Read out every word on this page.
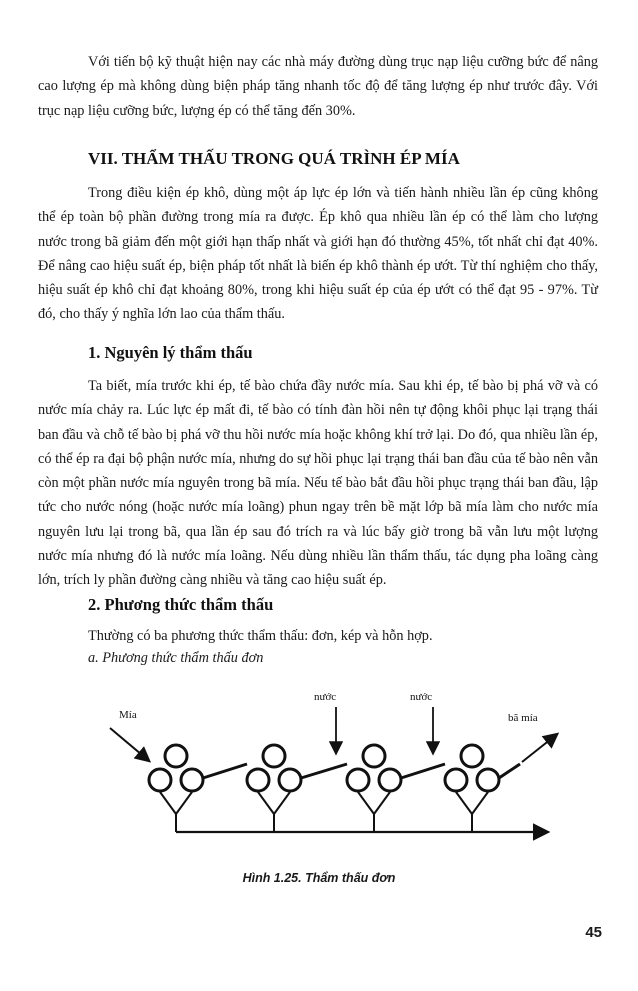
Với tiến bộ kỹ thuật hiện nay các nhà máy đường dùng trục nạp liệu cưỡng bức để nâng cao lượng ép mà không dùng biện pháp tăng nhanh tốc độ để tăng lượng ép như trước đây. Với trục nạp liệu cưỡng bức, lượng ép có thể tăng đến 30%.

VII. THẨM THẤU TRONG QUÁ TRÌNH ÉP MÍA

Trong điều kiện ép khô, dùng một áp lực ép lớn và tiến hành nhiều lần ép cũng không thể ép toàn bộ phần đường trong mía ra được. Ép khô qua nhiều lần ép có thể làm cho lượng nước trong bã giảm đến một giới hạn thấp nhất và giới hạn đó thường 45%, tốt nhất chỉ đạt 40%. Để nâng cao hiệu suất ép, biện pháp tốt nhất là biến ép khô thành ép ướt. Từ thí nghiệm cho thấy, hiệu suất ép khô chỉ đạt khoảng 80%, trong khi hiệu suất ép của ép ướt có thể đạt 95 - 97%. Từ đó, cho thấy ý nghĩa lớn lao của thẩm thấu.

1. Nguyên lý thẩm thấu

Ta biết, mía trước khi ép, tế bào chứa đầy nước mía. Sau khi ép, tế bào bị phá vỡ và có nước mía chảy ra. Lúc lực ép mất đi, tế bào có tính đàn hồi nên tự động khôi phục lại trạng thái ban đầu và chỗ tế bào bị phá vỡ thu hồi nước mía hoặc không khí trở lại. Do đó, qua nhiều lần ép, có thể ép ra đại bộ phận nước mía, nhưng do sự hồi phục lại trạng thái ban đầu của tế bào nên vẫn còn một phần nước mía nguyên trong bã mía. Nếu tế bào bắt đầu hồi phục trạng thái ban đầu, lập tức cho nước nóng (hoặc nước mía loãng) phun ngay trên bề mặt lớp bã mía làm cho nước mía nguyên lưu lại trong bã, qua lần ép sau đó trích ra và lúc bấy giờ trong bã vẫn lưu một lượng nước mía nhưng đó là nước mía loãng. Nếu dùng nhiều lần thẩm thấu, tác dụng pha loãng càng lớn, trích ly phần đường càng nhiều và tăng cao hiệu suất ép.

2. Phương thức thẩm thấu

Thường có ba phương thức thẩm thấu: đơn, kép và hỗn hợp.

a. Phương thức thẩm thấu đơn

Mía
nước	nước
bã mía
Hình 1.25. Thẩm thấu đơn
45
